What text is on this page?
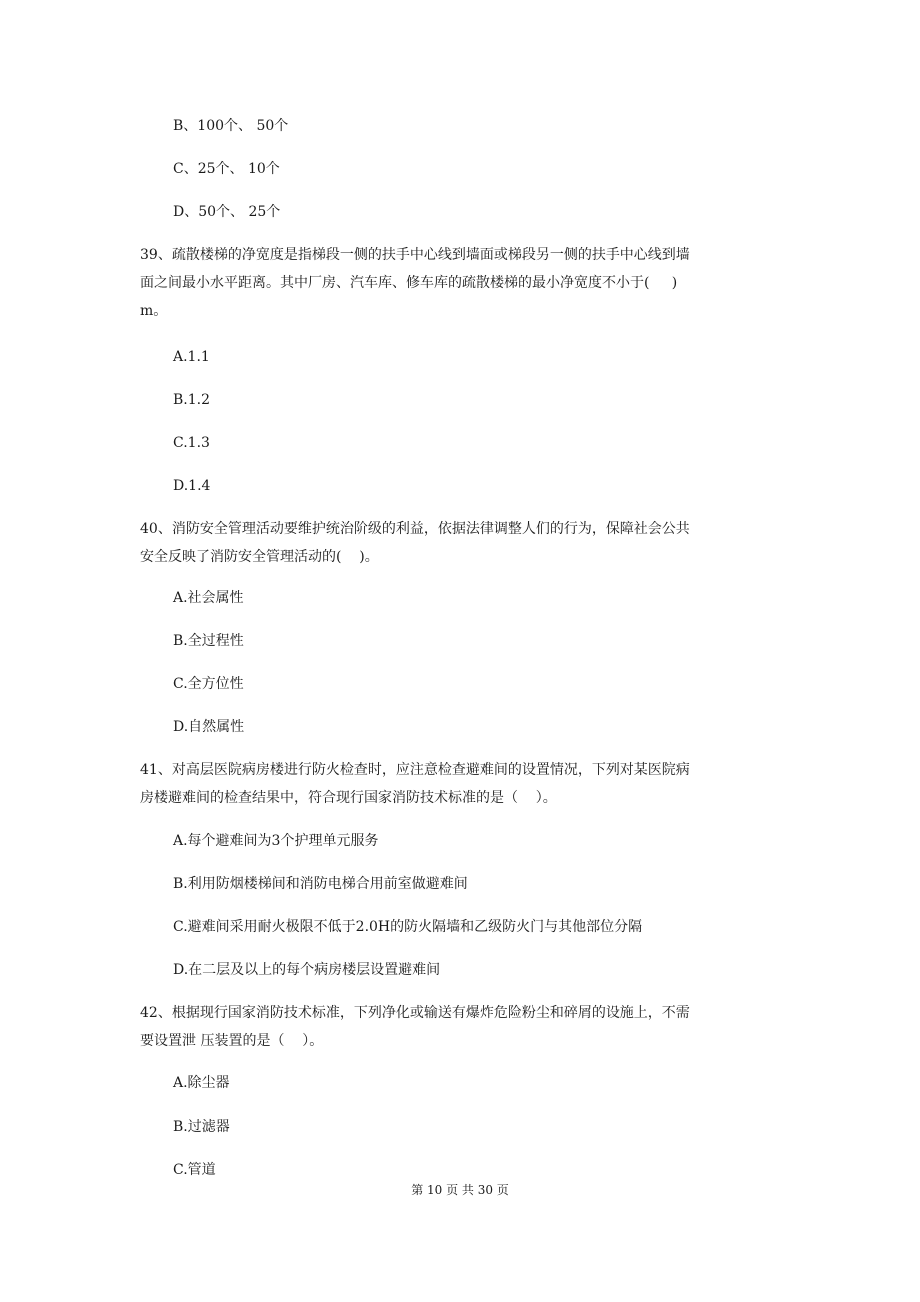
B、100个、 50个
C、25个、 10个
D、50个、 25个
39、疏散楼梯的净宽度是指梯段一侧的扶手中心线到墙面或梯段另一侧的扶手中心线到墙
面之间最小水平距离。其中厂房、汽车库、修车库的疏散楼梯的最小净宽度不小于(     )
m。
A.1.1
B.1.2
C.1.3
D.1.4
40、消防安全管理活动要维护统治阶级的利益，依据法律调整人们的行为，保障社会公共
安全反映了消防安全管理活动的(    )。
A.社会属性
B.全过程性
C.全方位性
D.自然属性
41、对高层医院病房楼进行防火检查时，应注意检查避难间的设置情况，下列对某医院病
房楼避难间的检查结果中，符合现行国家消防技术标准的是（    ）。
A.每个避难间为3个护理单元服务
B.利用防烟楼梯间和消防电梯合用前室做避难间
C.避难间采用耐火极限不低于2.0H的防火隔墙和乙级防火门与其他部位分隔
D.在二层及以上的每个病房楼层设置避难间
42、根据现行国家消防技术标准，下列净化或输送有爆炸危险粉尘和碎屑的设施上，不需
要设置泄 压装置的是（    ）。
A.除尘器
B.过滤器
C.管道
第 10 页 共 30 页
